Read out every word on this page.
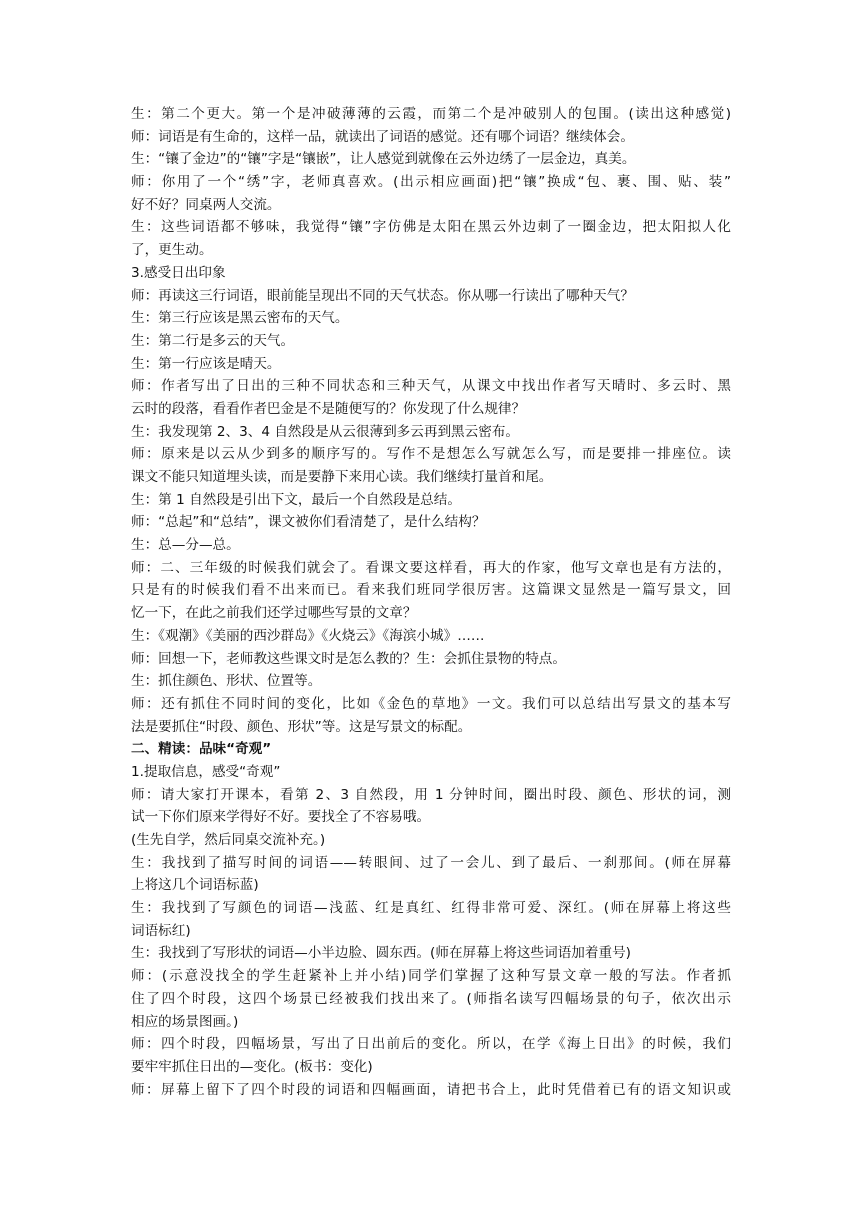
生：第二个更大。第一个是冲破薄薄的云霞，而第二个是冲破别人的包围。(读出这种感觉)
师：词语是有生命的，这样一品，就读出了词语的感觉。还有哪个词语？继续体会。
生：“镶了金边”的“镶”字是“镶嵌”，让人感觉到就像在云外边绣了一层金边，真美。
师：你用了一个“绣”字，老师真喜欢。(出示相应画面)把“镶”换成“包、裹、围、贴、装”
好不好？同桌两人交流。
生：这些词语都不够味，我觉得“镶”字仿佛是太阳在黑云外边刺了一圈金边，把太阳拟人化
了，更生动。
3.感受日出印象
师：再读这三行词语，眼前能呈现出不同的天气状态。你从哪一行读出了哪种天气？
生：第三行应该是黑云密布的天气。
生：第二行是多云的天气。
生：第一行应该是晴天。
师：作者写出了日出的三种不同状态和三种天气，从课文中找出作者写天晴时、多云时、黑
云时的段落，看看作者巴金是不是随便写的？你发现了什么规律？
生：我发现第 2、3、4 自然段是从云很薄到多云再到黑云密布。
师：原来是以云从少到多的顺序写的。写作不是想怎么写就怎么写，而是要排一排座位。读
课文不能只知道埋头读，而是要静下来用心读。我们继续打量首和尾。
生：第 1 自然段是引出下文，最后一个自然段是总结。
师：“总起”和“总结”，课文被你们看清楚了，是什么结构？
生：总—分—总。
师：二、三年级的时候我们就会了。看课文要这样看，再大的作家，他写文章也是有方法的，
只是有的时候我们看不出来而已。看来我们班同学很厉害。这篇课文显然是一篇写景文，回
忆一下，在此之前我们还学过哪些写景的文章？
生：《观潮》《美丽的西沙群岛》《火烧云》《海滨小城》……
师：回想一下，老师教这些课文时是怎么教的？生：会抓住景物的特点。
生：抓住颜色、形状、位置等。
师：还有抓住不同时间的变化，比如《金色的草地》一文。我们可以总结出写景文的基本写
法是要抓住“时段、颜色、形状”等。这是写景文的标配。
二、精读：品味“奇观”
1.提取信息，感受“奇观”
师：请大家打开课本，看第 2、3 自然段，用 1 分钟时间，圈出时段、颜色、形状的词，测
试一下你们原来学得好不好。要找全了不容易哦。
(生先自学，然后同桌交流补充。)
生：我找到了描写时间的词语——转眼间、过了一会儿、到了最后、一刹那间。(师在屏幕
上将这几个词语标蓝)
生：我找到了写颜色的词语—浅蓝、红是真红、红得非常可爱、深红。(师在屏幕上将这些
词语标红)
生：我找到了写形状的词语—小半边脸、圆东西。(师在屏幕上将这些词语加着重号)
师：(示意没找全的学生赶紧补上并小结)同学们掌握了这种写景文章一般的写法。作者抓
住了四个时段，这四个场景已经被我们找出来了。(师指名读写四幅场景的句子，依次出示
相应的场景图画。)
师：四个时段，四幅场景，写出了日出前后的变化。所以，在学《海上日出》的时候，我们
要牢牢抓住日出的—变化。(板书：变化)
师：屏幕上留下了四个时段的词语和四幅画面，请把书合上，此时凭借着已有的语文知识或
